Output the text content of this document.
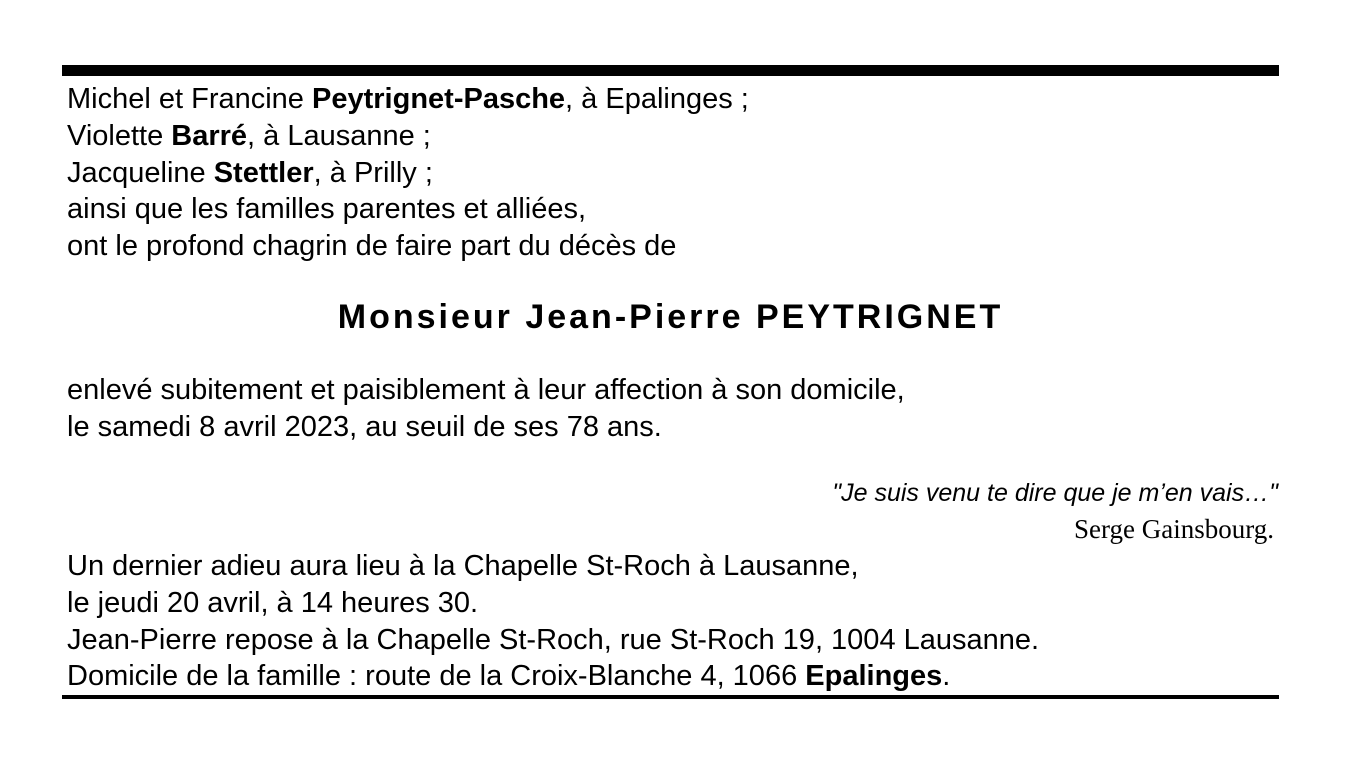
Michel et Francine Peytrignet-Pasche, à Epalinges ;
Violette Barré, à Lausanne ;
Jacqueline Stettler, à Prilly ;
ainsi que les familles parentes et alliées,
ont le profond chagrin de faire part du décès de
Monsieur Jean-Pierre PEYTRIGNET
enlevé subitement et paisiblement à leur affection à son domicile,
le samedi 8 avril 2023, au seuil de ses 78 ans.
"Je suis venu te dire que je m’en vais…"
Serge Gainsbourg.
Un dernier adieu aura lieu à la Chapelle St-Roch à Lausanne,
le jeudi 20 avril, à 14 heures 30.
Jean-Pierre repose à la Chapelle St-Roch, rue St-Roch 19, 1004 Lausanne.
Domicile de la famille : route de la Croix-Blanche 4, 1066 Epalinges.
